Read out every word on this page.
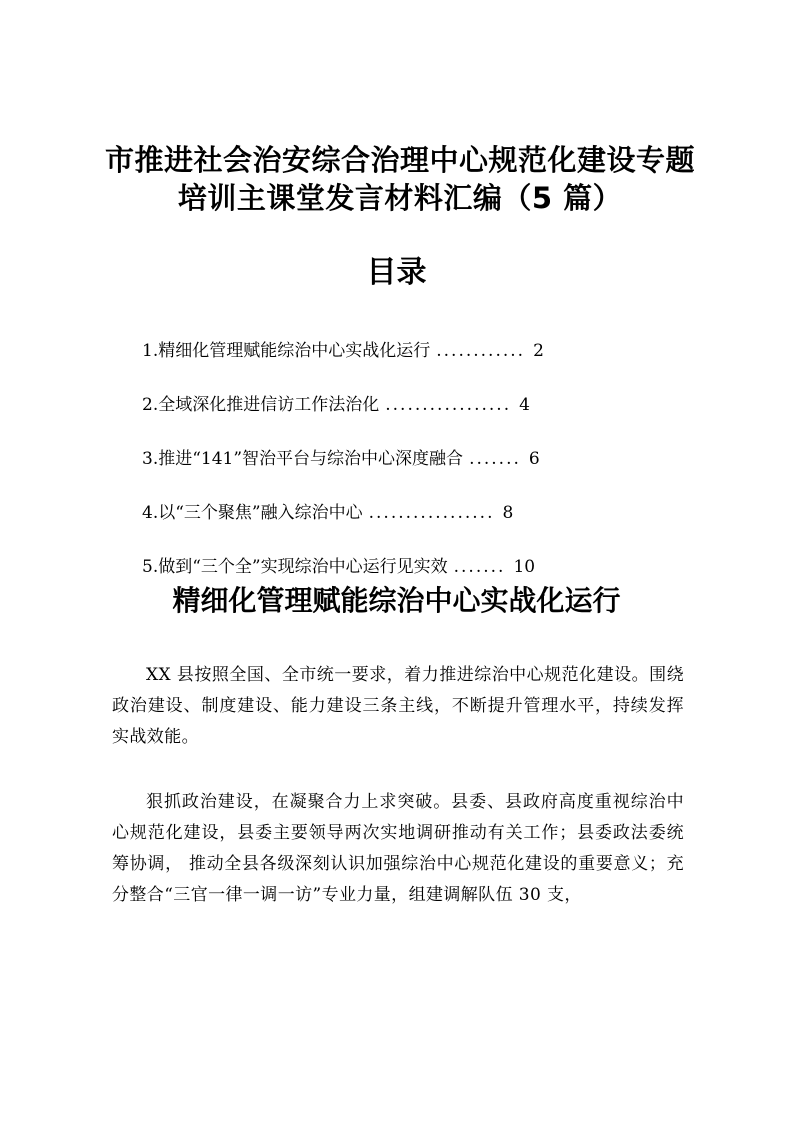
市推进社会治安综合治理中心规范化建设专题
培训主课堂发言材料汇编（5 篇）
目录
1.精细化管理赋能综治中心实战化运行 ............ 2
2.全域深化推进信访工作法治化 ................. 4
3.推进“141”智治平台与综治中心深度融合 ....... 6
4.以“三个聚焦”融入综治中心 ................. 8
5.做到“三个全”实现综治中心运行见实效 ....... 10
精细化管理赋能综治中心实战化运行

XX 县按照全国、全市统一要求，着力推进综治中心规范化建设。围绕政治建设、制度建设、能力建设三条主线，不断提升管理水平，持续发挥实战效能。

狠抓政治建设，在凝聚合力上求突破。县委、县政府高度重视综治中心规范化建设，县委主要领导两次实地调研推动有关工作；县委政法委统筹协调， 推动全县各级深刻认识加强综治中心规范化建设的重要意义；充分整合“三官一律一调一访”专业力量，组建调解队伍 30 支，
